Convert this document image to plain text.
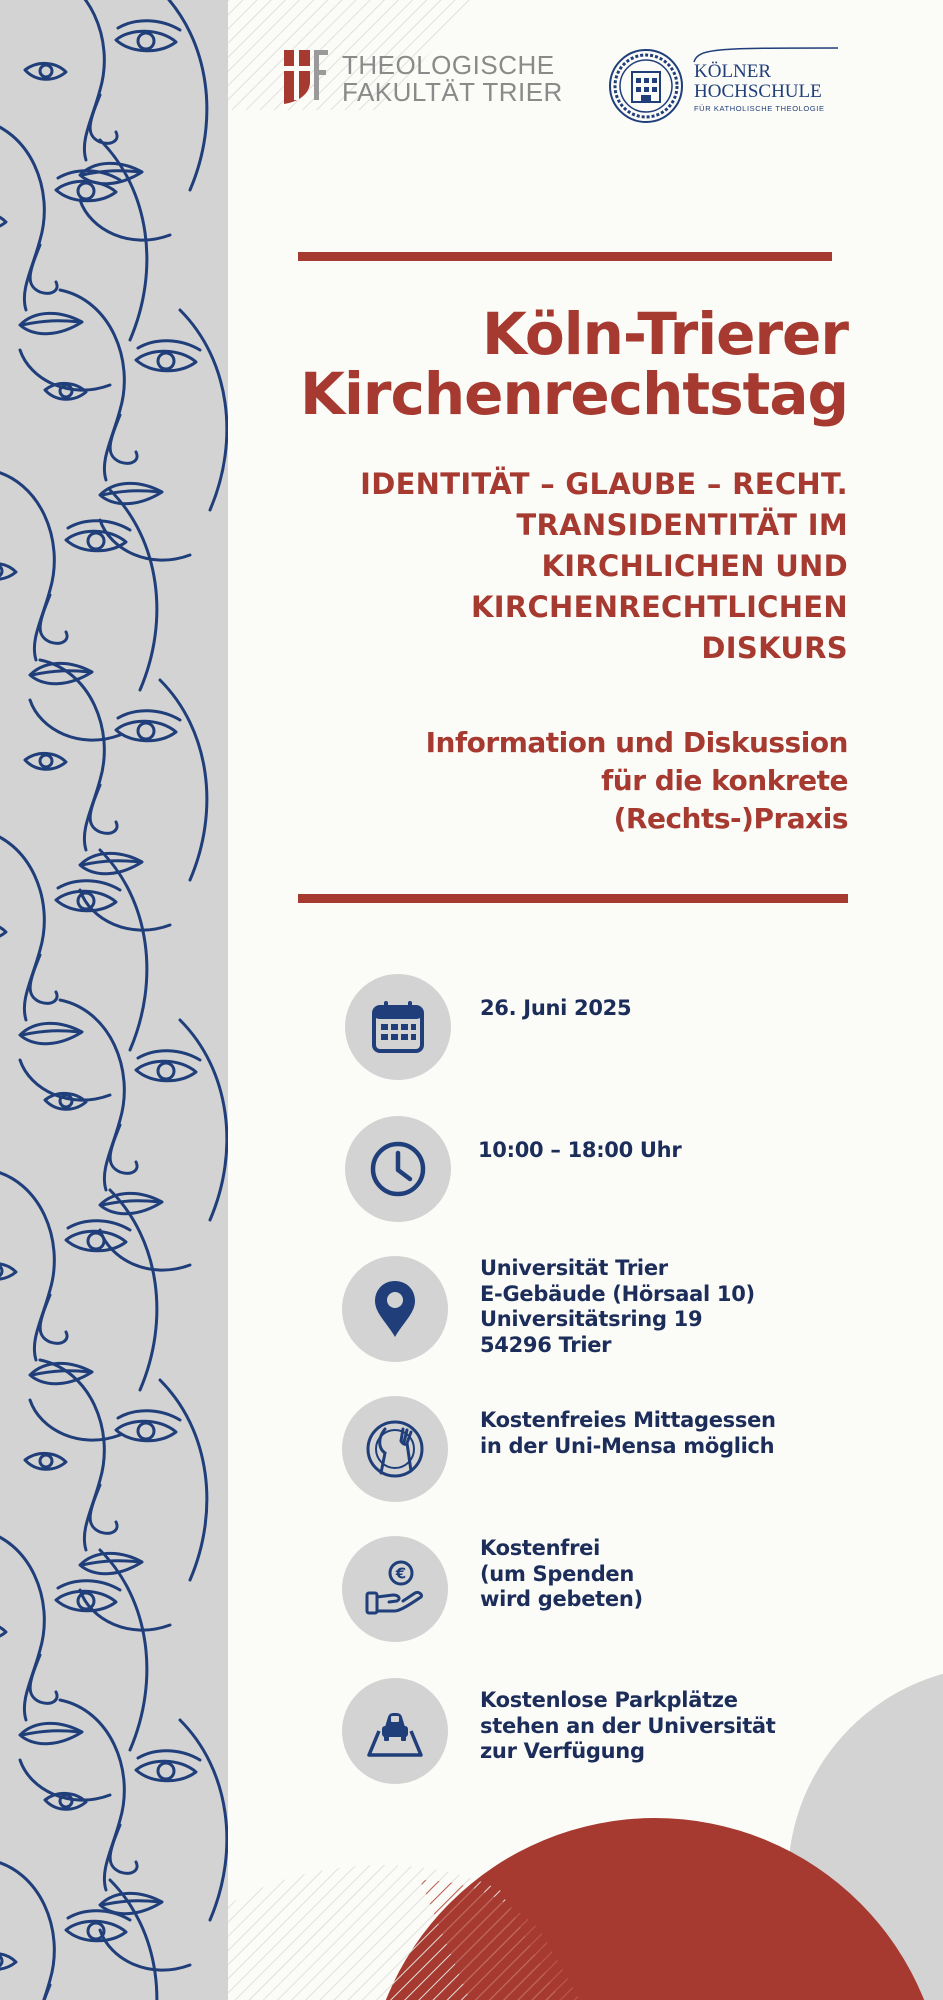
THEOLOGISCHE
FAKULTÄT TRIER
KÖLNER
HOCHSCHULE
FÜR KATHOLISCHE THEOLOGIE
Köln-Trierer
Kirchenrechtstag
IDENTITÄT – GLAUBE – RECHT.
TRANSIDENTITÄT IM
KIRCHLICHEN UND
KIRCHENRECHTLICHEN
DISKURS
Information und Diskussion
für die konkrete
(Rechts-)Praxis
26. Juni 2025
10:00 – 18:00 Uhr
Universität Trier
E-Gebäude (Hörsaal 10)
Universitätsring 19
54296 Trier
Kostenfreies Mittagessen
in der Uni-Mensa möglich
€
Kostenfrei
(um Spenden
wird gebeten)
Kostenlose Parkplätze
stehen an der Universität
zur Verfügung
